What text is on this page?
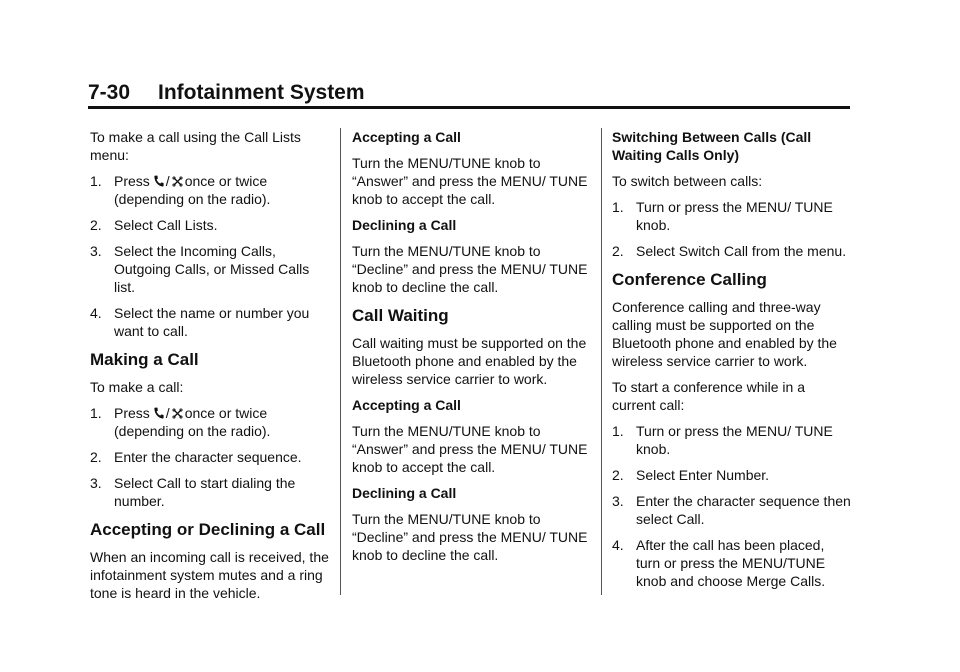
7-30 Infotainment System

To make a call using the Call Lists menu:

1. Press / once or twice (depending on the radio).
2. Select Call Lists.
3. Select the Incoming Calls, Outgoing Calls, or Missed Calls list.
4. Select the name or number you want to call.
Making a Call

To make a call:

1. Press / once or twice (depending on the radio).
2. Enter the character sequence.
3. Select Call to start dialing the number.
Accepting or Declining a Call

When an incoming call is received, the infotainment system mutes and a ring tone is heard in the vehicle.

Accepting a Call

Turn the MENU/TUNE knob to “Answer” and press the MENU/ TUNE knob to accept the call.

Declining a Call

Turn the MENU/TUNE knob to “Decline” and press the MENU/ TUNE knob to decline the call.

Call Waiting

Call waiting must be supported on the Bluetooth phone and enabled by the wireless service carrier to work.

Accepting a Call

Turn the MENU/TUNE knob to “Answer” and press the MENU/ TUNE knob to accept the call.

Declining a Call

Turn the MENU/TUNE knob to “Decline” and press the MENU/ TUNE knob to decline the call.

Switching Between Calls (Call Waiting Calls Only)

To switch between calls:

1. Turn or press the MENU/ TUNE knob.
2. Select Switch Call from the menu.
Conference Calling

Conference calling and three-way calling must be supported on the Bluetooth phone and enabled by the wireless service carrier to work.

To start a conference while in a current call:

1. Turn or press the MENU/ TUNE knob.
2. Select Enter Number.
3. Enter the character sequence then select Call.
4. After the call has been placed, turn or press the MENU/TUNE knob and choose Merge Calls.
